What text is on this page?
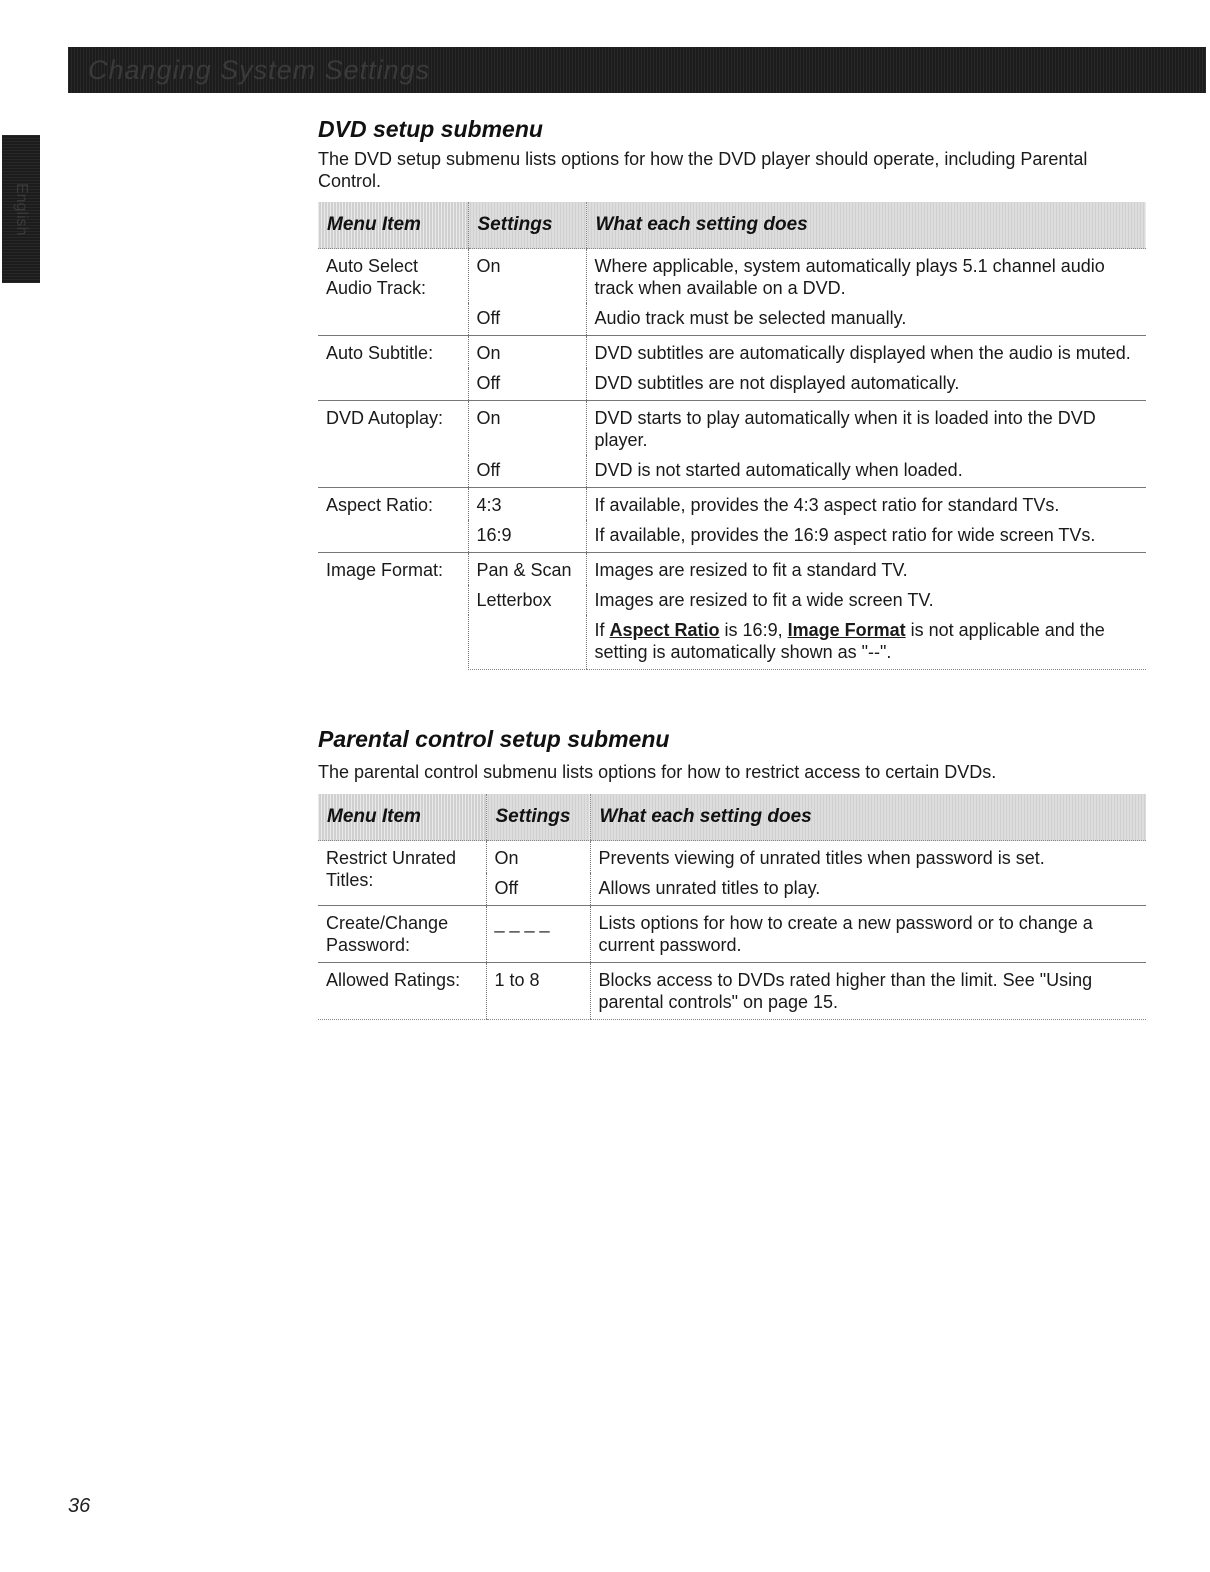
Changing System Settings
English
DVD setup submenu
The DVD setup submenu lists options for how the DVD player should operate, including Parental Control.
Menu Item	Settings	What each setting does
Auto Select Audio Track:	On	Where applicable, system automatically plays 5.1 channel audio track when available on a DVD.
	Off	Audio track must be selected manually.
Auto Subtitle:	On	DVD subtitles are automatically displayed when the audio is muted.
	Off	DVD subtitles are not displayed automatically.
DVD Autoplay:	On	DVD starts to play automatically when it is loaded into the DVD player.
	Off	DVD is not started automatically when loaded.
Aspect Ratio:	4:3	If available, provides the 4:3 aspect ratio for standard TVs.
	16:9	If available, provides the 16:9 aspect ratio for wide screen TVs.
Image Format:	Pan & Scan	Images are resized to fit a standard TV.
	Letterbox	Images are resized to fit a wide screen TV.
		If Aspect Ratio is 16:9, Image Format is not applicable and the setting is automatically shown as "--".
Parental control setup submenu
The parental control submenu lists options for how to restrict access to certain DVDs.
Menu Item	Settings	What each setting does
Restrict Unrated Titles:	On	Prevents viewing of unrated titles when password is set.
	Off	Allows unrated titles to play.
Create/Change Password:	_ _ _ _	Lists options for how to create a new password or to change a current password.
Allowed Ratings:	1 to 8	Blocks access to DVDs rated higher than the limit. See "Using parental controls" on page 15.
36
